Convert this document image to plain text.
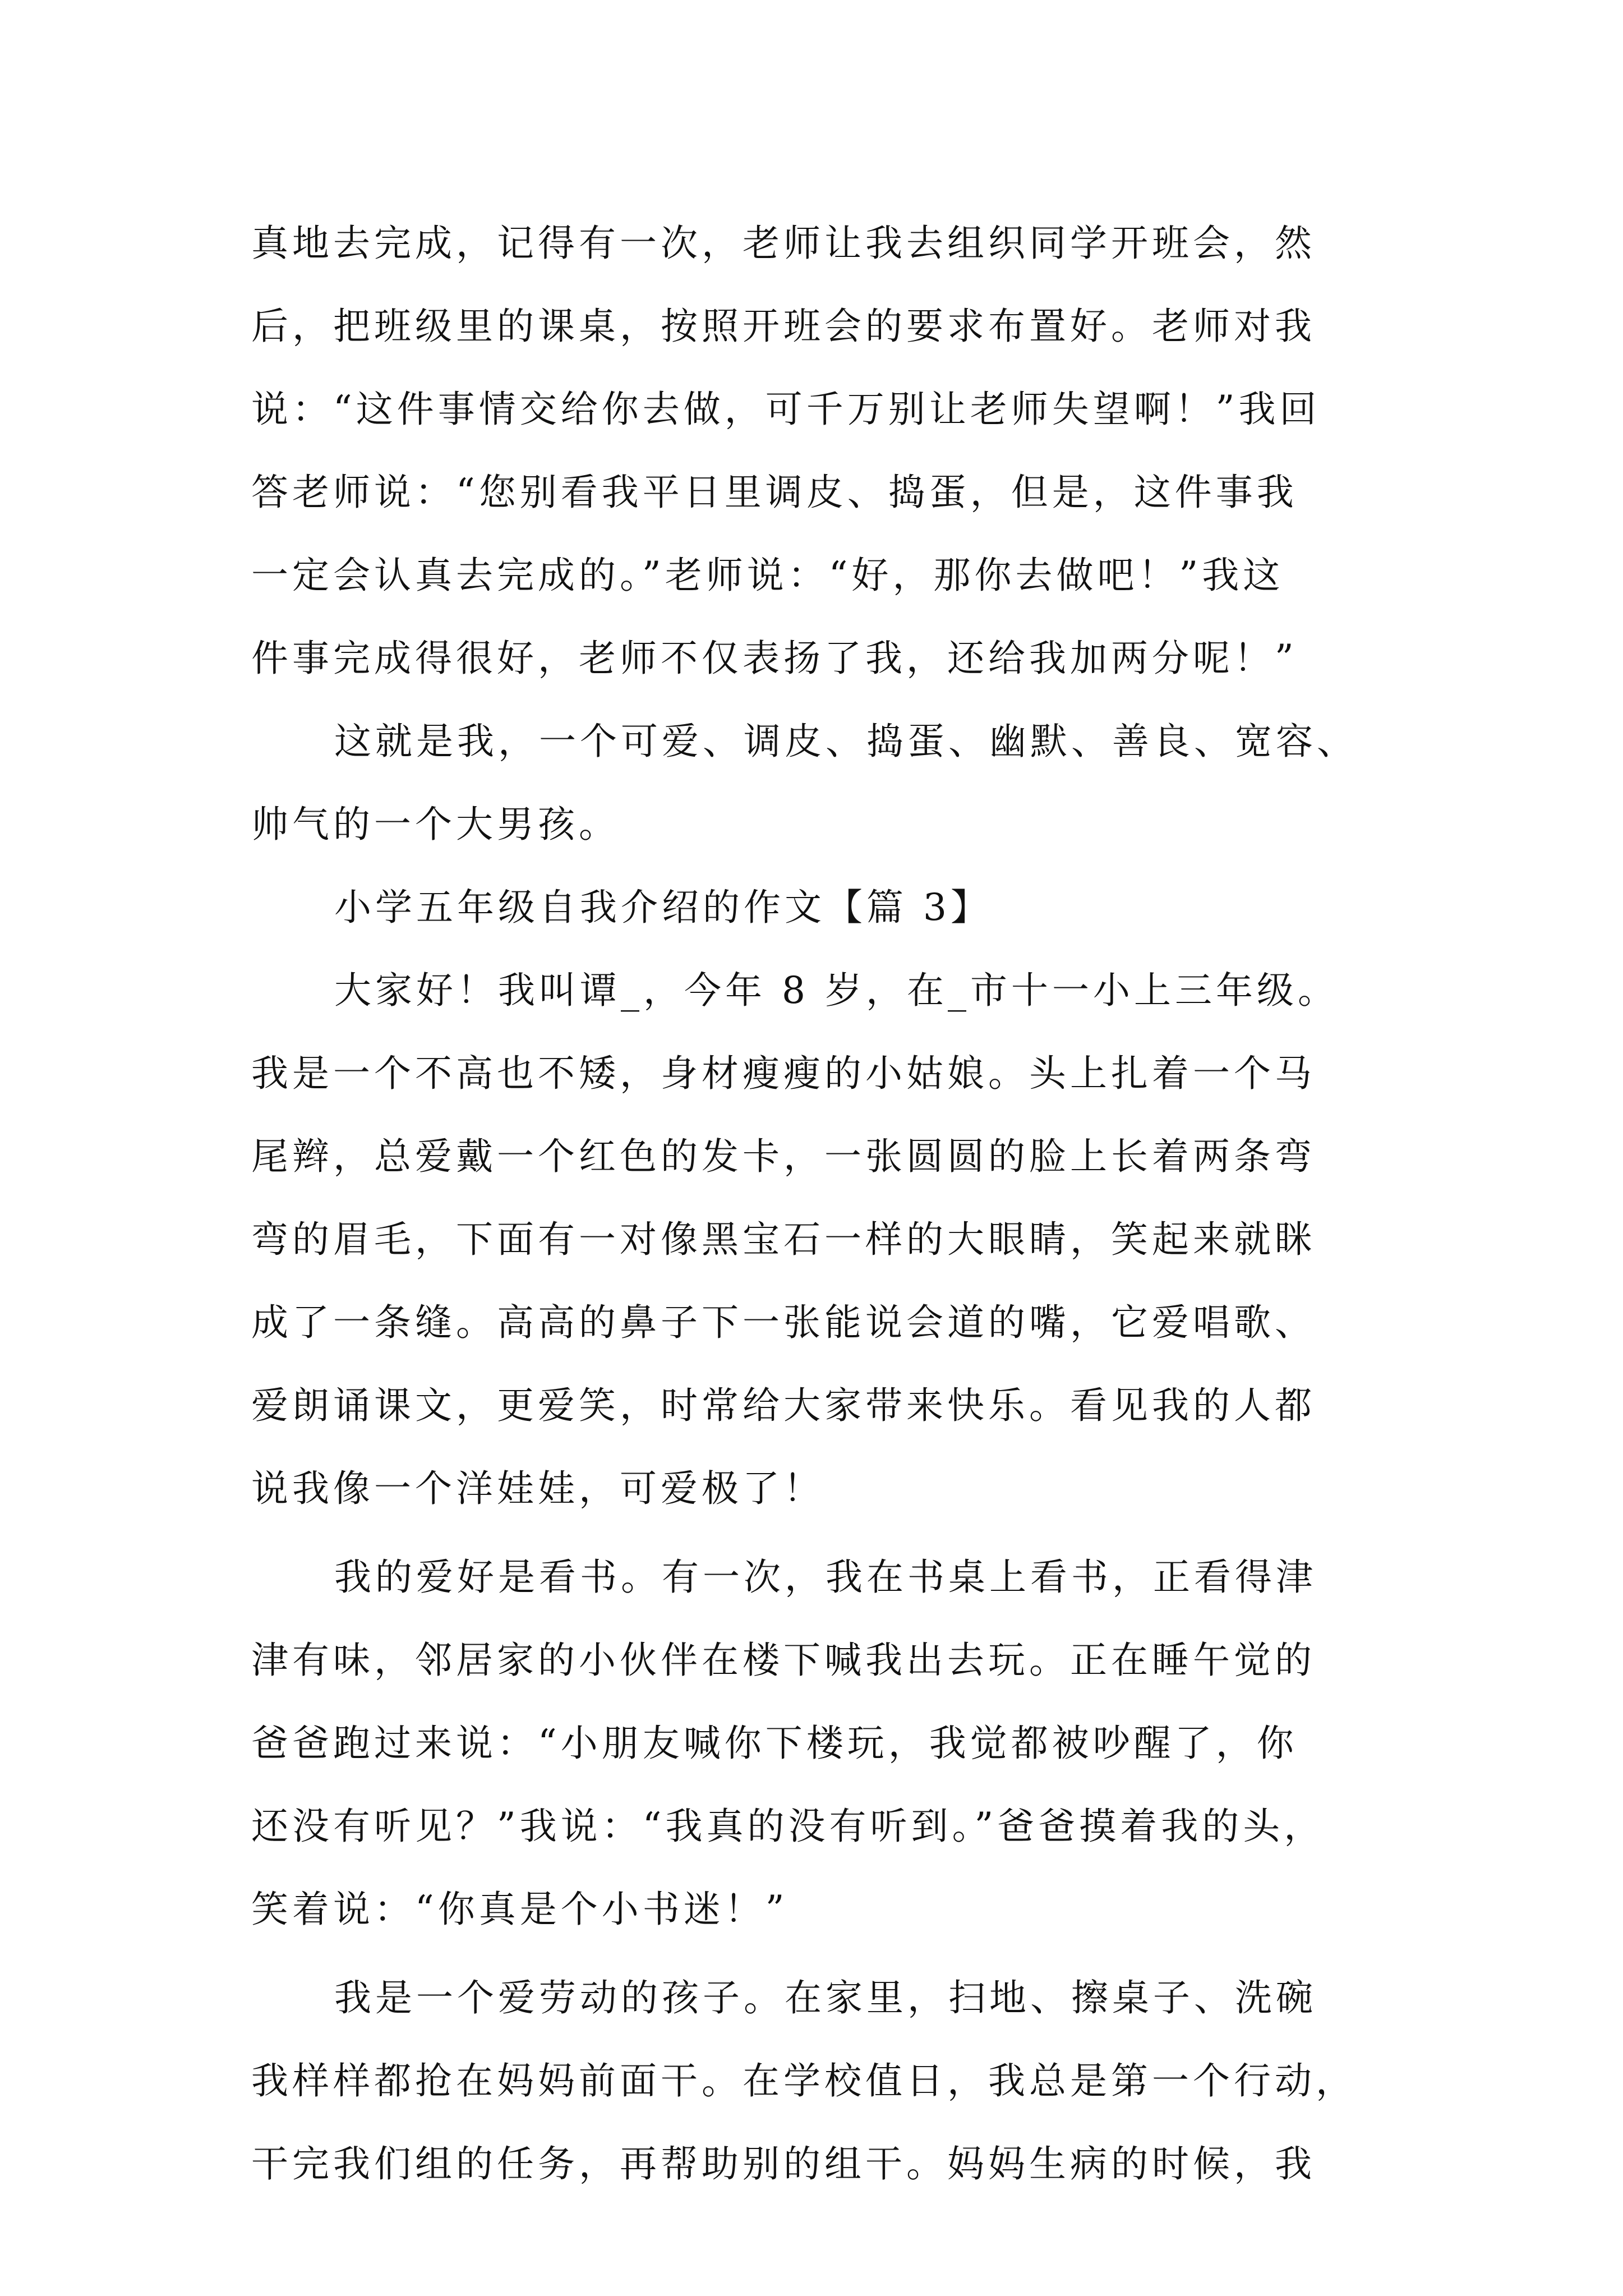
真地去完成，记得有一次，老师让我去组织同学开班会，然
后，把班级里的课桌，按照开班会的要求布置好。老师对我
说：“这件事情交给你去做，可千万别让老师失望啊！”我回
答老师说：“您别看我平日里调皮、捣蛋，但是，这件事我
一定会认真去完成的。”老师说：“好，那你去做吧！”我这
件事完成得很好，老师不仅表扬了我，还给我加两分呢！”
这就是我，一个可爱、调皮、捣蛋、幽默、善良、宽容、
帅气的一个大男孩。
小学五年级自我介绍的作文【篇 3】
大家好！我叫谭_，今年 8 岁，在_市十一小上三年级。
我是一个不高也不矮，身材瘦瘦的小姑娘。头上扎着一个马
尾辫，总爱戴一个红色的发卡，一张圆圆的脸上长着两条弯
弯的眉毛，下面有一对像黑宝石一样的大眼睛，笑起来就眯
成了一条缝。高高的鼻子下一张能说会道的嘴，它爱唱歌、
爱朗诵课文，更爱笑，时常给大家带来快乐。看见我的人都
说我像一个洋娃娃，可爱极了！
我的爱好是看书。有一次，我在书桌上看书，正看得津
津有味，邻居家的小伙伴在楼下喊我出去玩。正在睡午觉的
爸爸跑过来说：“小朋友喊你下楼玩，我觉都被吵醒了，你
还没有听见？”我说：“我真的没有听到。”爸爸摸着我的头，
笑着说：“你真是个小书迷！”
我是一个爱劳动的孩子。在家里，扫地、擦桌子、洗碗
我样样都抢在妈妈前面干。在学校值日，我总是第一个行动，
干完我们组的任务，再帮助别的组干。妈妈生病的时候，我
